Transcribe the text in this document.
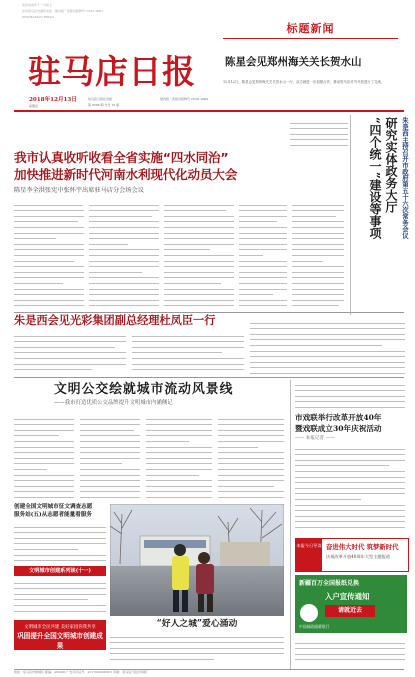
农历戊戌年十一月初七
中共驻马店市委机关报 · 国内统一连续出版物号 CN41-0082
ZHUMADIAN RIBAO
驻马店日报
2018年12月13日
星期四
驻马店日报社出版
第 8598 期 今日 16 版
国内统一连续出版物号 CN41-0082
标题新闻
陈星会见郑州海关关长贺水山
12月12日，陈星会见郑州海关关长贺水山一行，双方就进一步加强合作、推动驻马店对外开放进行了交流。
我市认真收听收看全省实施“四水同治”
加快推进新时代河南水利现代化动员大会
陈星李全洪张宪中张怀宇出席驻马店分会场会议	朱是西主持召开市政府第五十六次常务会议
研究实体政务大厅
“四个统一”建设等事项
朱是西会见光彩集团副总经理杜凤臣一行
文明公交绘就城市流动风景线
——我市打造优质公交品牌提升文明城市内涵侧记
创建全国文明城市征文调查志愿
服务站(五)从志愿者能量看服务
文明城市创建系列谈(十一)
文明城市全民共建 美好家园你我共享
巩固提升全国文明城市创建成果
“好人之城”爱心涌动
市戏联举行改革开放40年
暨戏联成立30年庆祝活动
—— 本报记者 ——
本报今日导读 奋进伟大时代 筑梦新时代
庆祝改革开放40周年大型主题报道
新疆百万全国报纸兑换
入户宣传通知
请就近去
中国邮政储蓄银行
地址：驻马店市驿城区 邮编：463000 广告许可证号：4117004000001 印刷：驻马店日报社印刷厂
